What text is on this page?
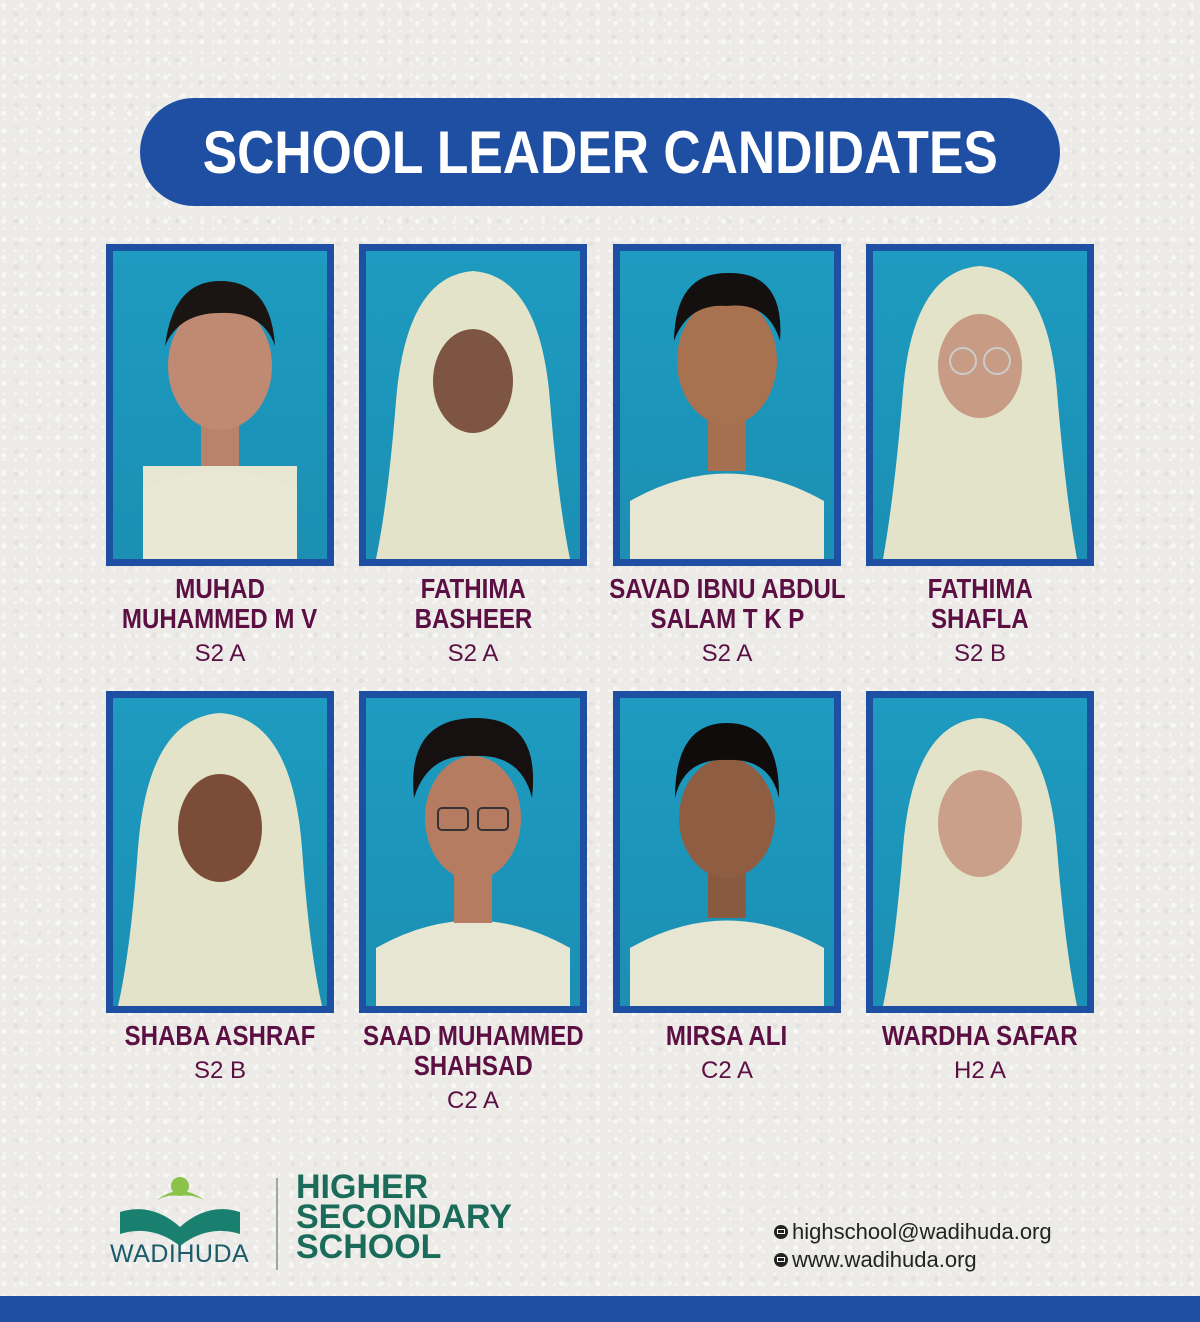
SCHOOL LEADER CANDIDATES
MUHAD
MUHAMMED M V
S2 A
FATHIMA
BASHEER
S2 A
SAVAD IBNU ABDUL
SALAM T K P
S2 A
FATHIMA
SHAFLA
S2 B
SHABA ASHRAF
S2 B
SAAD MUHAMMED
SHAHSAD
C2 A
MIRSA ALI
C2 A
WARDHA SAFAR
H2 A
WADIHUDA
HIGHER
SECONDARY
SCHOOL	highschool@wadihuda.org
www.wadihuda.org
